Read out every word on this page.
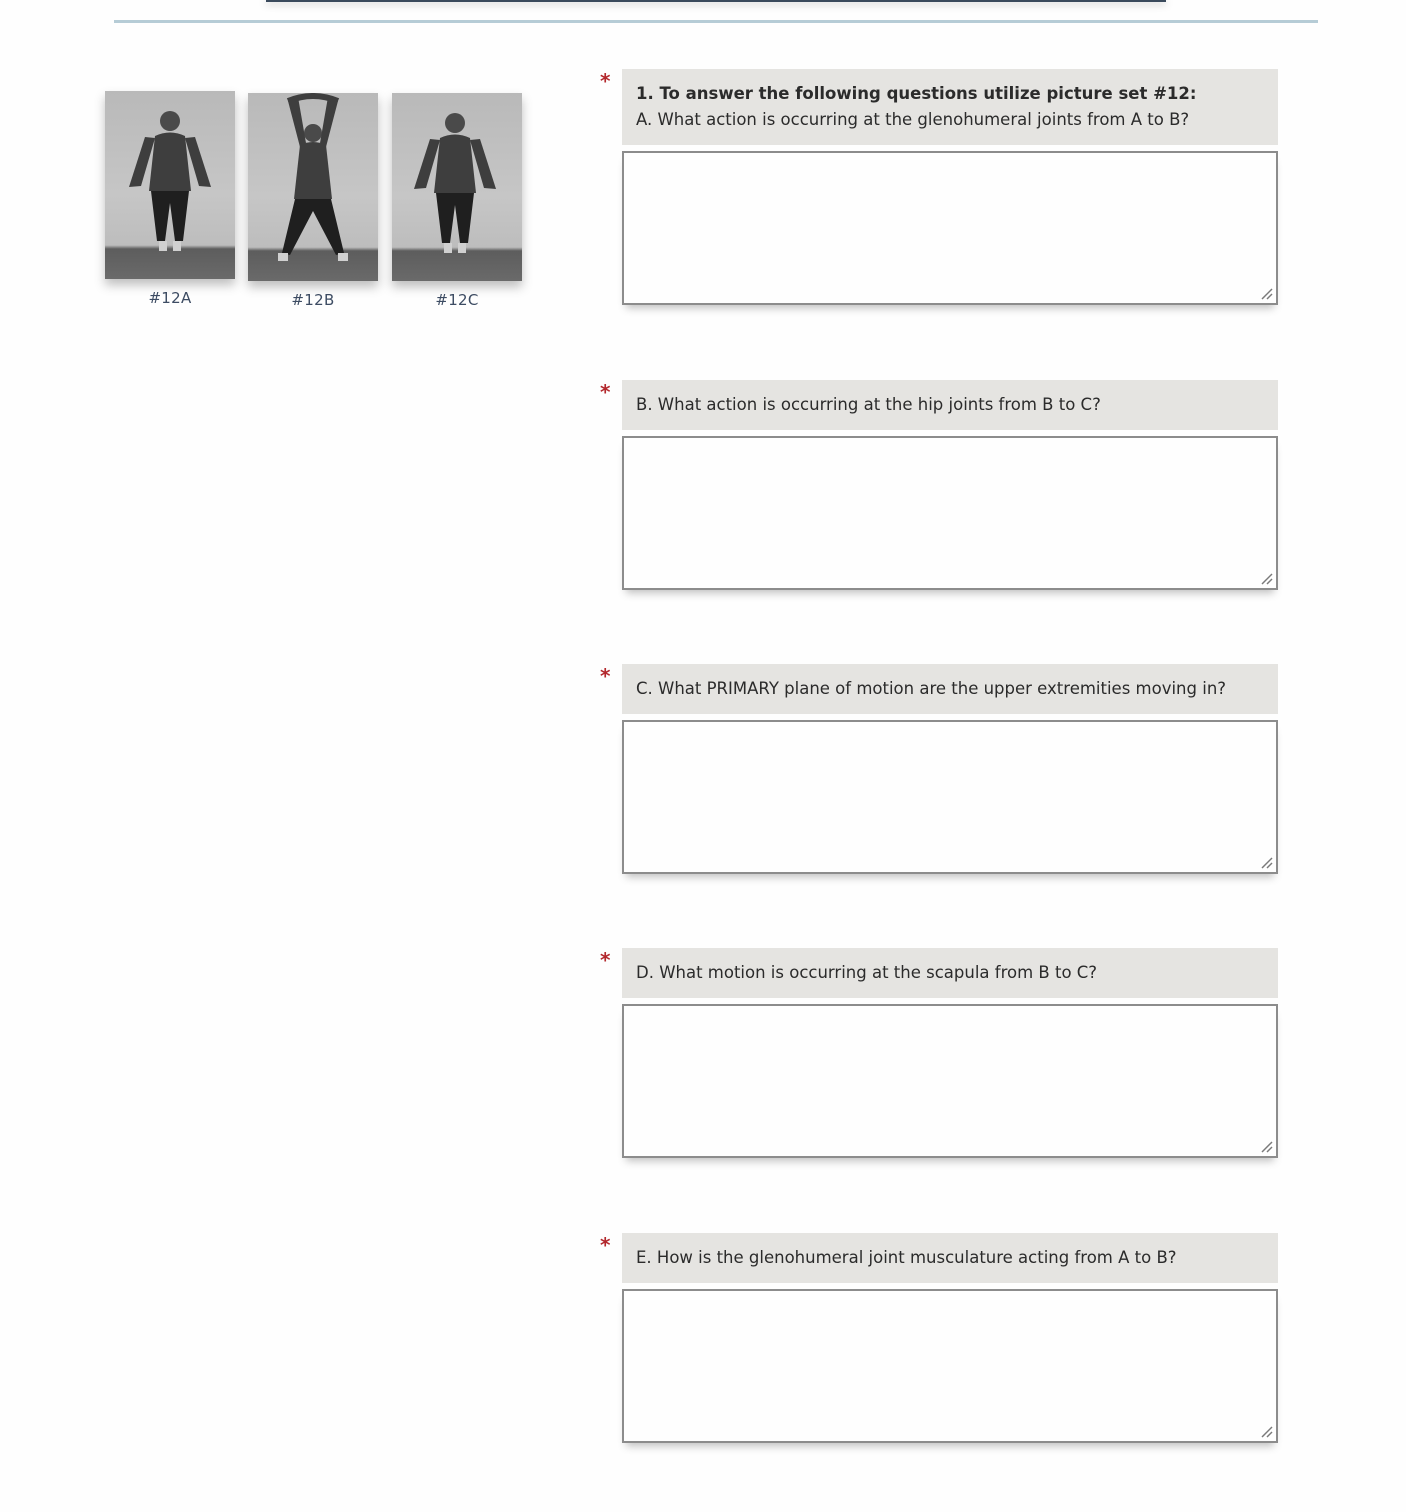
#12A	#12B	#12C
*
1. To answer the following questions utilize picture set #12:
A. What action is occurring at the glenohumeral joints from A to B?
*
B. What action is occurring at the hip joints from B to C?
*
C. What PRIMARY plane of motion are the upper extremities moving in?
*
D. What motion is occurring at the scapula from B to C?
*
E. How is the glenohumeral joint musculature acting from A to B?
